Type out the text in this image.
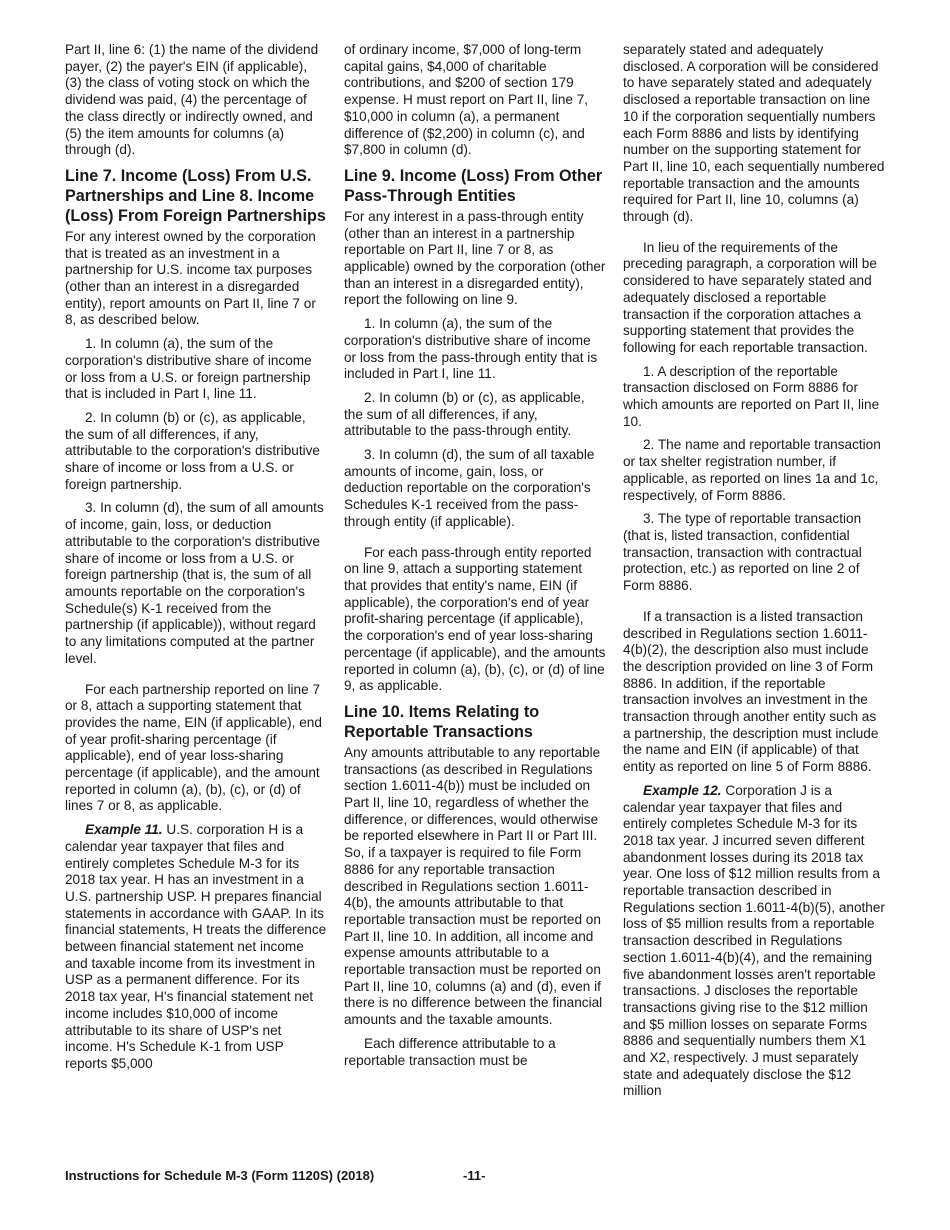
Part II, line 6: (1) the name of the dividend payer, (2) the payer's EIN (if applicable), (3) the class of voting stock on which the dividend was paid, (4) the percentage of the class directly or indirectly owned, and (5) the item amounts for columns (a) through (d).

Line 7. Income (Loss) From U.S. Partnerships and Line 8. Income (Loss) From Foreign Partnerships

For any interest owned by the corporation that is treated as an investment in a partnership for U.S. income tax purposes (other than an interest in a disregarded entity), report amounts on Part II, line 7 or 8, as described below.

1. In column (a), the sum of the corporation's distributive share of income or loss from a U.S. or foreign partnership that is included in Part I, line 11.

2. In column (b) or (c), as applicable, the sum of all differences, if any, attributable to the corporation's distributive share of income or loss from a U.S. or foreign partnership.

3. In column (d), the sum of all amounts of income, gain, loss, or deduction attributable to the corporation's distributive share of income or loss from a U.S. or foreign partnership (that is, the sum of all amounts reportable on the corporation's Schedule(s) K-1 received from the partnership (if applicable)), without regard to any limitations computed at the partner level.

For each partnership reported on line 7 or 8, attach a supporting statement that provides the name, EIN (if applicable), end of year profit-sharing percentage (if applicable), end of year loss-sharing percentage (if applicable), and the amount reported in column (a), (b), (c), or (d) of lines 7 or 8, as applicable.

Example 11. U.S. corporation H is a calendar year taxpayer that files and entirely completes Schedule M-3 for its 2018 tax year. H has an investment in a U.S. partnership USP. H prepares financial statements in accordance with GAAP. In its financial statements, H treats the difference between financial statement net income and taxable income from its investment in USP as a permanent difference. For its 2018 tax year, H's financial statement net income includes $10,000 of income attributable to its share of USP's net income. H's Schedule K-1 from USP reports $5,000

of ordinary income, $7,000 of long-term capital gains, $4,000 of charitable contributions, and $200 of section 179 expense. H must report on Part II, line 7, $10,000 in column (a), a permanent difference of ($2,200) in column (c), and $7,800 in column (d).

Line 9. Income (Loss) From Other Pass-Through Entities

For any interest in a pass-through entity (other than an interest in a partnership reportable on Part II, line 7 or 8, as applicable) owned by the corporation (other than an interest in a disregarded entity), report the following on line 9.

1. In column (a), the sum of the corporation's distributive share of income or loss from the pass-through entity that is included in Part I, line 11.

2. In column (b) or (c), as applicable, the sum of all differences, if any, attributable to the pass-through entity.

3. In column (d), the sum of all taxable amounts of income, gain, loss, or deduction reportable on the corporation's Schedules K-1 received from the pass-through entity (if applicable).

For each pass-through entity reported on line 9, attach a supporting statement that provides that entity's name, EIN (if applicable), the corporation's end of year profit-sharing percentage (if applicable), the corporation's end of year loss-sharing percentage (if applicable), and the amounts reported in column (a), (b), (c), or (d) of line 9, as applicable.

Line 10. Items Relating to Reportable Transactions

Any amounts attributable to any reportable transactions (as described in Regulations section 1.6011-4(b)) must be included on Part II, line 10, regardless of whether the difference, or differences, would otherwise be reported elsewhere in Part II or Part III. So, if a taxpayer is required to file Form 8886 for any reportable transaction described in Regulations section 1.6011-4(b), the amounts attributable to that reportable transaction must be reported on Part II, line 10. In addition, all income and expense amounts attributable to a reportable transaction must be reported on Part II, line 10, columns (a) and (d), even if there is no difference between the financial amounts and the taxable amounts.

Each difference attributable to a reportable transaction must be

separately stated and adequately disclosed. A corporation will be considered to have separately stated and adequately disclosed a reportable transaction on line 10 if the corporation sequentially numbers each Form 8886 and lists by identifying number on the supporting statement for Part II, line 10, each sequentially numbered reportable transaction and the amounts required for Part II, line 10, columns (a) through (d).

In lieu of the requirements of the preceding paragraph, a corporation will be considered to have separately stated and adequately disclosed a reportable transaction if the corporation attaches a supporting statement that provides the following for each reportable transaction.

1. A description of the reportable transaction disclosed on Form 8886 for which amounts are reported on Part II, line 10.

2. The name and reportable transaction or tax shelter registration number, if applicable, as reported on lines 1a and 1c, respectively, of Form 8886.

3. The type of reportable transaction (that is, listed transaction, confidential transaction, transaction with contractual protection, etc.) as reported on line 2 of Form 8886.

If a transaction is a listed transaction described in Regulations section 1.6011-4(b)(2), the description also must include the description provided on line 3 of Form 8886. In addition, if the reportable transaction involves an investment in the transaction through another entity such as a partnership, the description must include the name and EIN (if applicable) of that entity as reported on line 5 of Form 8886.

Example 12. Corporation J is a calendar year taxpayer that files and entirely completes Schedule M-3 for its 2018 tax year. J incurred seven different abandonment losses during its 2018 tax year. One loss of $12 million results from a reportable transaction described in Regulations section 1.6011-4(b)(5), another loss of $5 million results from a reportable transaction described in Regulations section 1.6011-4(b)(4), and the remaining five abandonment losses aren't reportable transactions. J discloses the reportable transactions giving rise to the $12 million and $5 million losses on separate Forms 8886 and sequentially numbers them X1 and X2, respectively. J must separately state and adequately disclose the $12 million

Instructions for Schedule M-3 (Form 1120S) (2018)	-11-
